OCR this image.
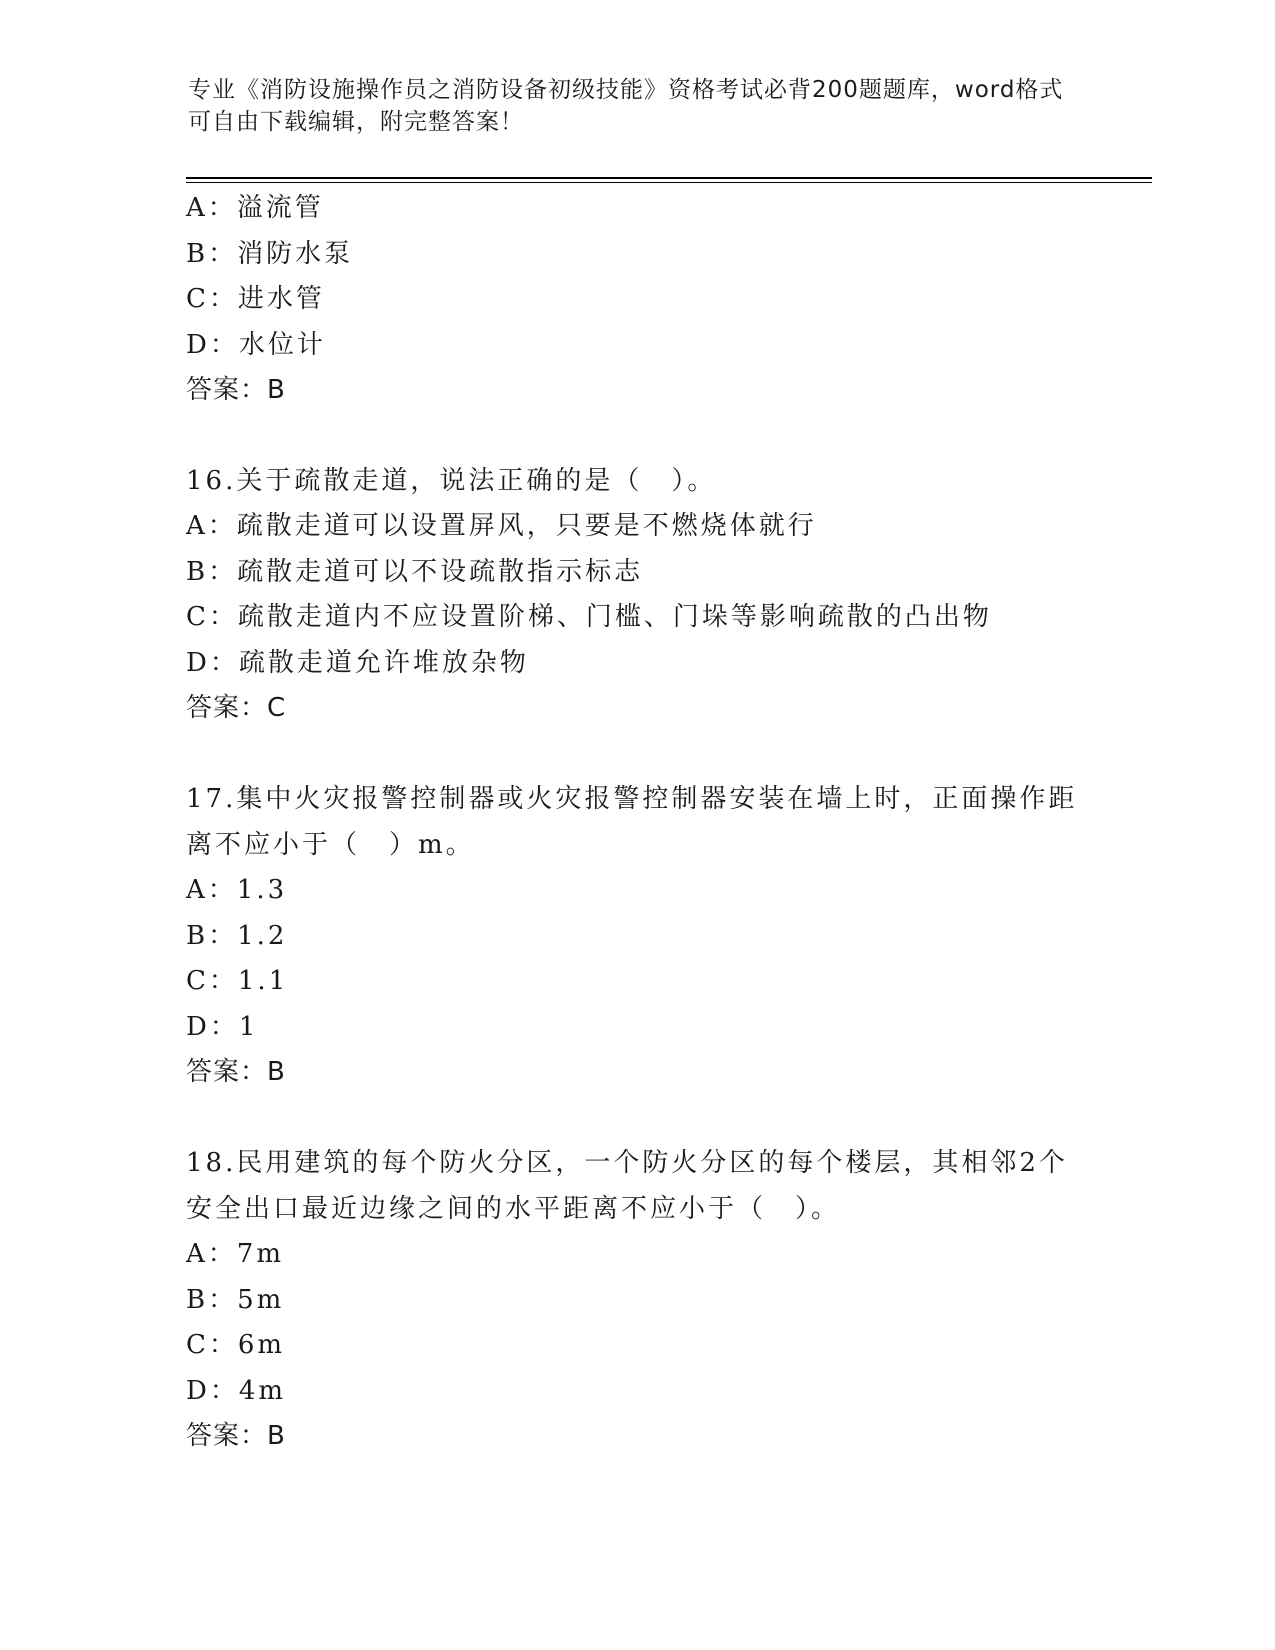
专业《消防设施操作员之消防设备初级技能》资格考试必背200题题库，word格式可自由下载编辑，附完整答案！

A：溢流管

B：消防水泵

C：进水管

D：水位计

答案：B

16.关于疏散走道，说法正确的是（　）。

A：疏散走道可以设置屏风，只要是不燃烧体就行

B：疏散走道可以不设疏散指示标志

C：疏散走道内不应设置阶梯、门槛、门垛等影响疏散的凸出物

D：疏散走道允许堆放杂物

答案：C

17.集中火灾报警控制器或火灾报警控制器安装在墙上时，正面操作距离不应小于（　）m。

A：1.3

B：1.2

C：1.1

D：1

答案：B

18.民用建筑的每个防火分区，一个防火分区的每个楼层，其相邻2个安全出口最近边缘之间的水平距离不应小于（　）。

A：7m

B：5m

C：6m

D：4m

答案：B
